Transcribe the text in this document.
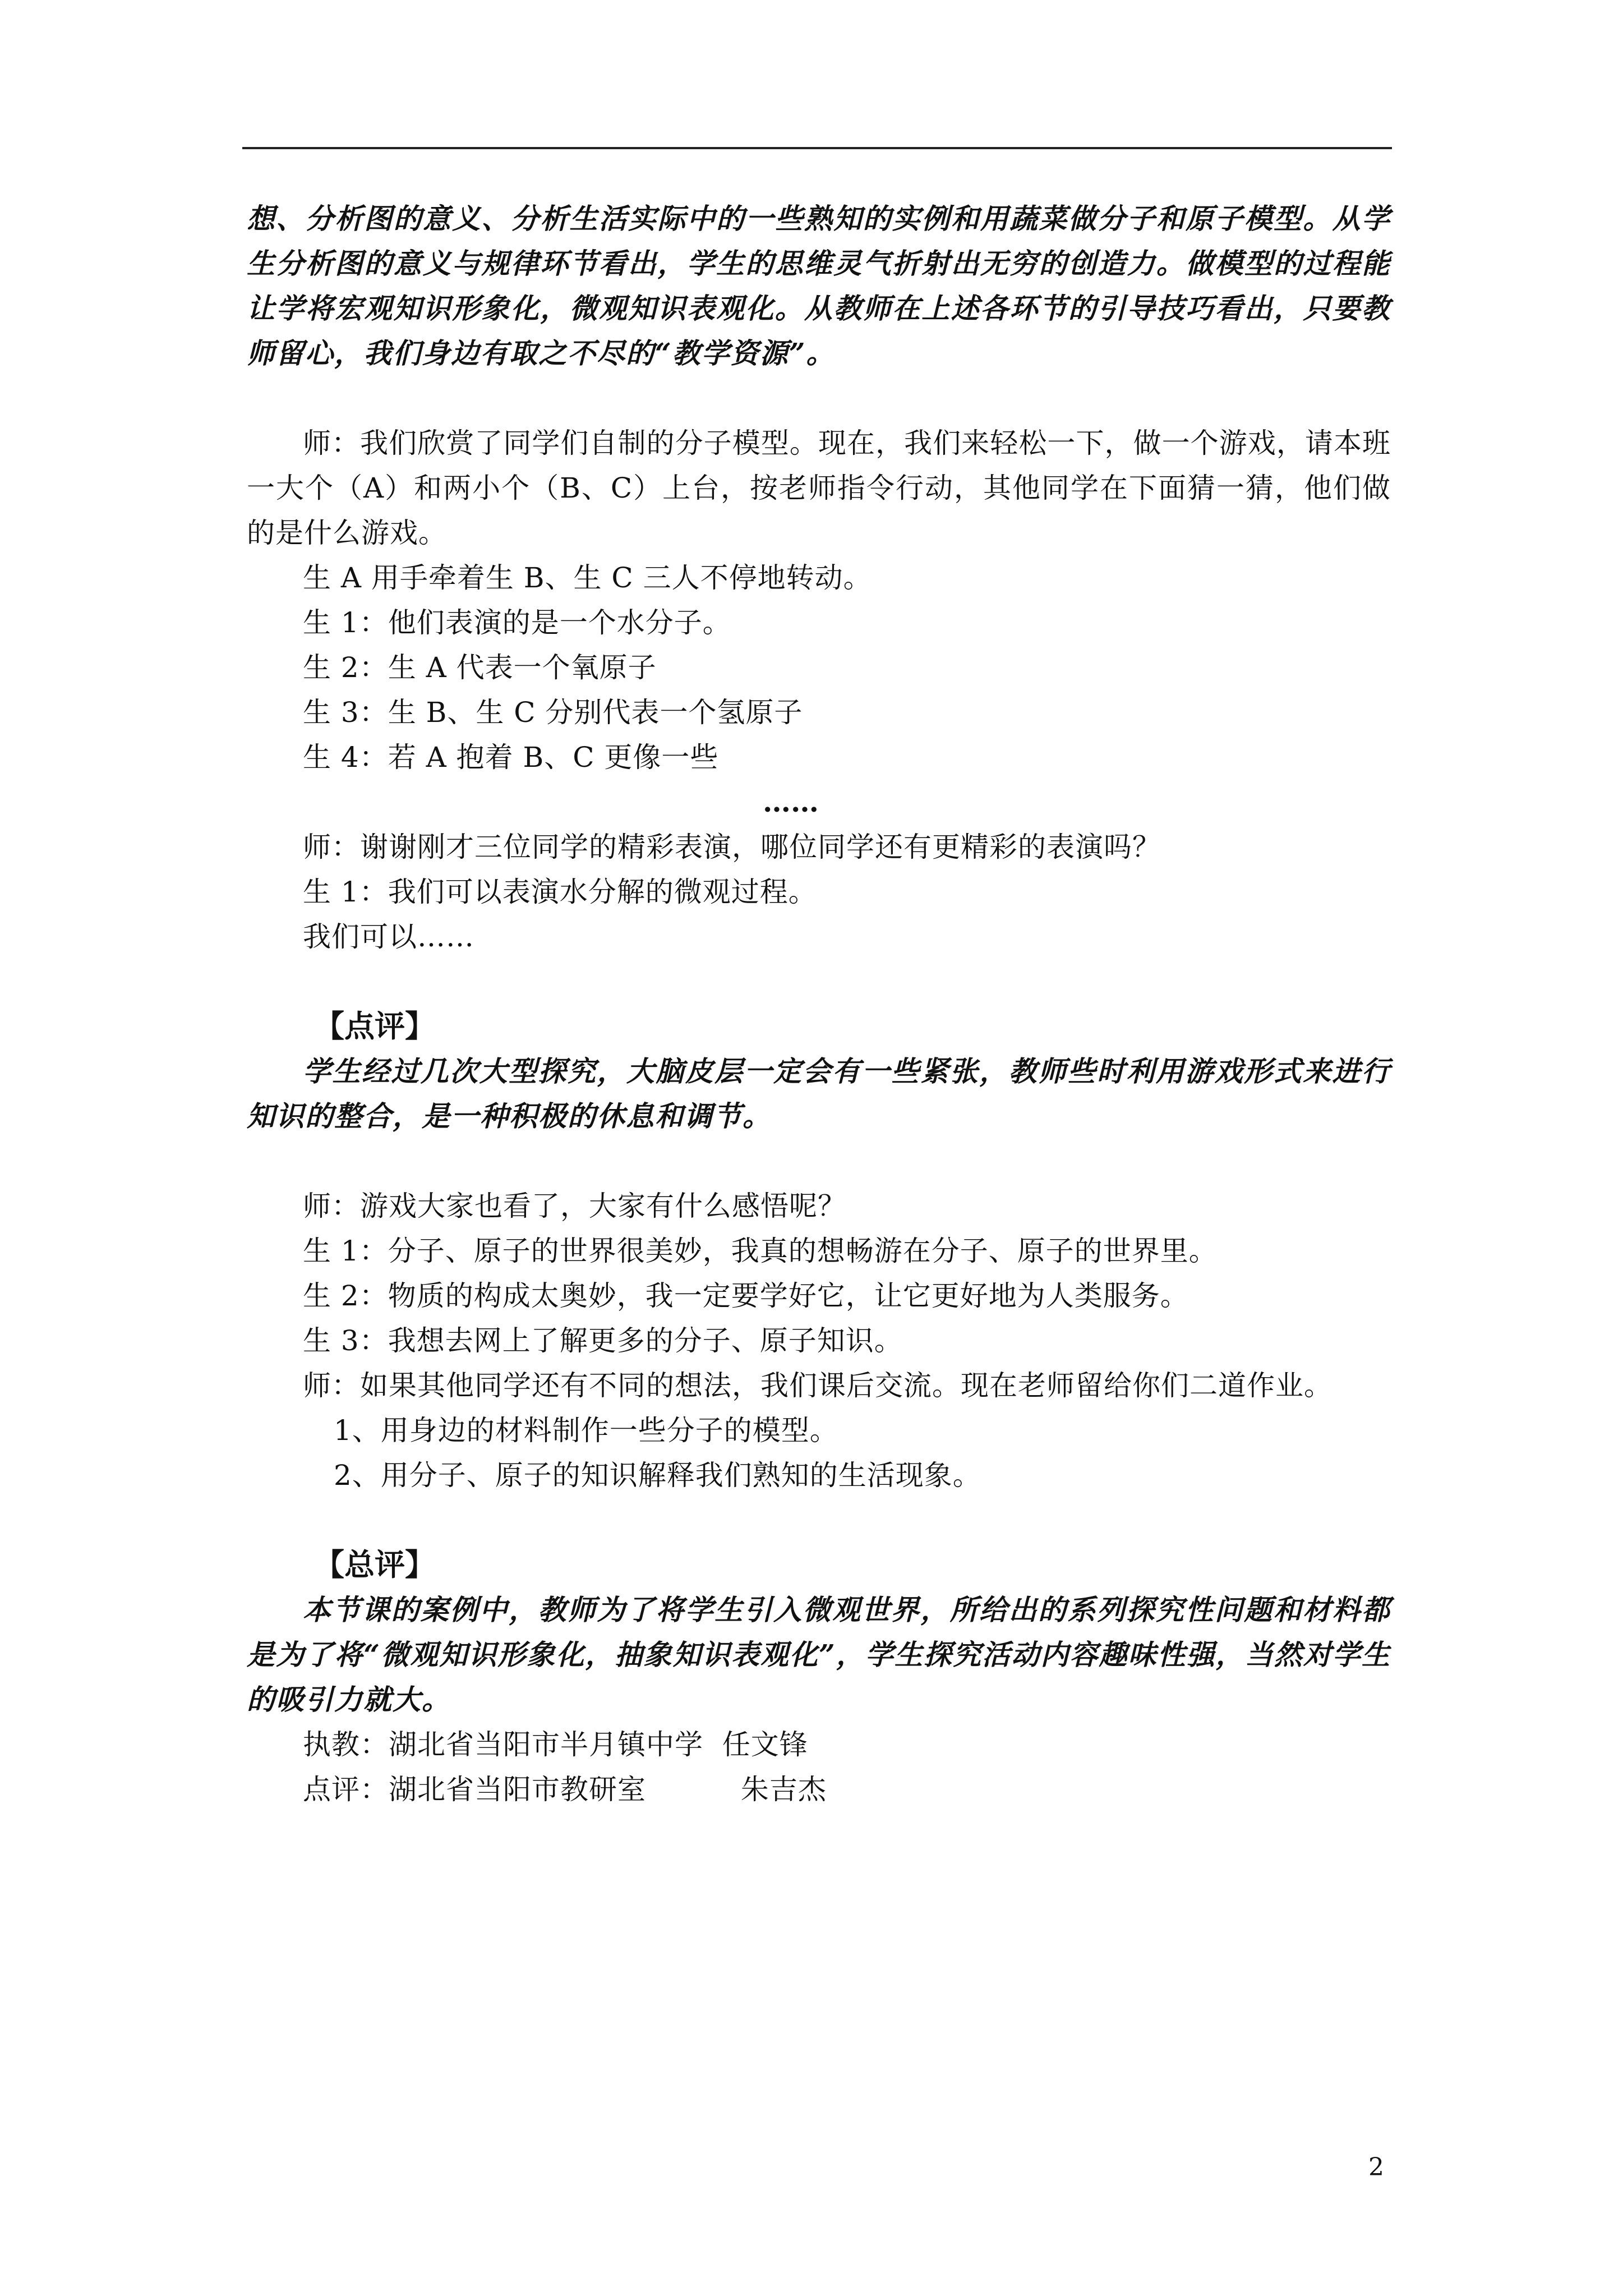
想、分析图的意义、分析生活实际中的一些熟知的实例和用蔬菜做分子和原子模型。从学生分析图的意义与规律环节看出，学生的思维灵气折射出无穷的创造力。做模型的过程能让学将宏观知识形象化，微观知识表观化。从教师在上述各环节的引导技巧看出，只要教师留心，我们身边有取之不尽的“教学资源”。

师：我们欣赏了同学们自制的分子模型。现在，我们来轻松一下，做一个游戏，请本班一大个（A）和两小个（B、C）上台，按老师指令行动，其他同学在下面猜一猜，他们做的是什么游戏。

生 A 用手牵着生 B、生 C 三人不停地转动。

生 1：他们表演的是一个水分子。

生 2：生 A 代表一个氧原子

生 3：生 B、生 C 分别代表一个氢原子

生 4：若 A 抱着 B、C 更像一些

……

师：谢谢刚才三位同学的精彩表演，哪位同学还有更精彩的表演吗？

生 1：我们可以表演水分解的微观过程。

我们可以……

【点评】

学生经过几次大型探究，大脑皮层一定会有一些紧张，教师些时利用游戏形式来进行知识的整合，是一种积极的休息和调节。

师：游戏大家也看了，大家有什么感悟呢？

生 1：分子、原子的世界很美妙，我真的想畅游在分子、原子的世界里。

生 2：物质的构成太奥妙，我一定要学好它，让它更好地为人类服务。

生 3：我想去网上了解更多的分子、原子知识。

师：如果其他同学还有不同的想法，我们课后交流。现在老师留给你们二道作业。

1、用身边的材料制作一些分子的模型。

2、用分子、原子的知识解释我们熟知的生活现象。

【总评】

本节课的案例中，教师为了将学生引入微观世界，所给出的系列探究性问题和材料都是为了将“微观知识形象化，抽象知识表观化”，学生探究活动内容趣味性强，当然对学生的吸引力就大。

执教：湖北省当阳市半月镇中学  任文锋

点评：湖北省当阳市教研室          朱吉杰

2
